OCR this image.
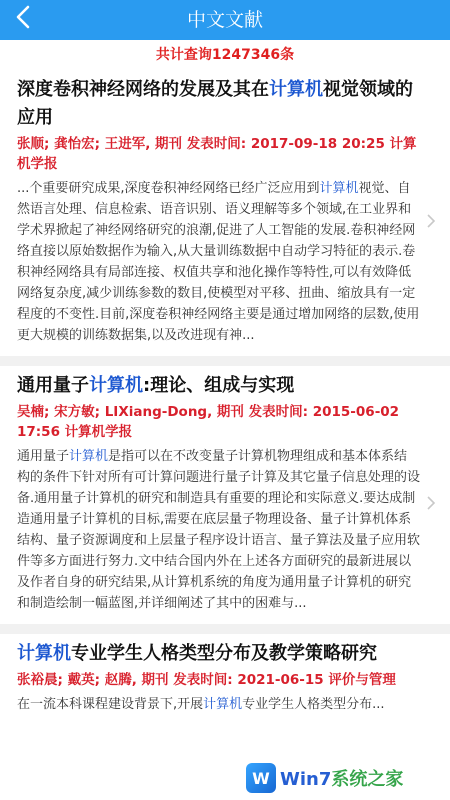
中文文献
共计查询1247346条
深度卷积神经网络的发展及其在计算机视觉领域的应用
张顺; 龚怡宏; 王进军, 期刊 发表时间: 2017-09-18 20:25 计算机学报
...个重要研究成果,深度卷积神经网络已经广泛应用到计算机视觉、自然语言处理、信息检索、语音识别、语义理解等多个领域,在工业界和学术界掀起了神经网络研究的浪潮,促进了人工智能的发展.卷积神经网络直接以原始数据作为输入,从大量训练数据中自动学习特征的表示.卷积神经网络具有局部连接、权值共享和池化操作等特性,可以有效降低网络复杂度,减少训练参数的数目,使模型对平移、扭曲、缩放具有一定程度的不变性.目前,深度卷积神经网络主要是通过增加网络的层数,使用更大规模的训练数据集,以及改进现有神...
通用量子计算机:理论、组成与实现
吴楠; 宋方敏; LIXiang-Dong, 期刊 发表时间: 2015-06-02 17:56 计算机学报
通用量子计算机是指可以在不改变量子计算机物理组成和基本体系结构的条件下针对所有可计算问题进行量子计算及其它量子信息处理的设备.通用量子计算机的研究和制造具有重要的理论和实际意义.要达成制造通用量子计算机的目标,需要在底层量子物理设备、量子计算机体系结构、量子资源调度和上层量子程序设计语言、量子算法及量子应用软件等多方面进行努力.文中结合国内外在上述各方面研究的最新进展以及作者自身的研究结果,从计算机系统的角度为通用量子计算机的研究和制造绘制一幅蓝图,并详细阐述了其中的困难与...
计算机专业学生人格类型分布及教学策略研究
张裕晨; 戴英; 赵腾, 期刊 发表时间: 2021-06-15 评价与管理
在一流本科课程建设背景下,开展计算机专业学生人格类型分布...
W Win7系统之家
